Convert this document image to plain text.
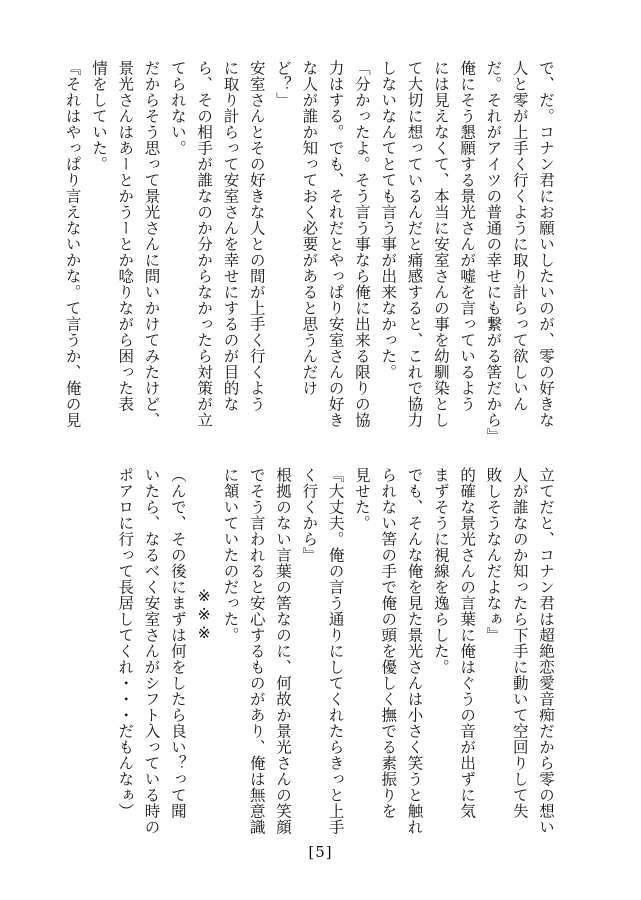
で、だ。コナン君にお願いしたいのが、零の好きな
人と零が上手く行くように取り計らって欲しいん
だ。それがアイツの普通の幸せにも繋がる筈だから』
俺にそう懇願する景光さんが嘘を言っているよう
には見えなくて、本当に安室さんの事を幼馴染とし
て大切に想っているんだと痛感すると、これで協力
しないなんてとても言う事が出来なかった。
「分かったよ。そう言う事なら俺に出来る限りの協
力はする。でも、それだとやっぱり安室さんの好き
な人が誰か知っておく必要があると思うんだけ
ど？」
安室さんとその好きな人との間が上手く行くよう
に取り計らって安室さんを幸せにするのが目的な
ら、その相手が誰なのか分からなかったら対策が立
てられない。
だからそう思って景光さんに問いかけてみたけど、
景光さんはあーとかうーとか唸りながら困った表
情をしていた。
『それはやっぱり言えないかな。て言うか、俺の見
立てだと、コナン君は超絶恋愛音痴だから零の想い
人が誰なのか知ったら下手に動いて空回りして失
敗しそうなんだよなぁ』
的確な景光さんの言葉に俺はぐうの音が出ずに気
まずそうに視線を逸らした。
でも、そんな俺を見た景光さんは小さく笑うと触れ
られない筈の手で俺の頭を優しく撫でる素振りを
見せた。
『大丈夫。俺の言う通りにしてくれたらきっと上手
く行くから』
根拠のない言葉の筈なのに、何故か景光さんの笑顔
でそう言われると安心するものがあり、俺は無意識
に頷いていたのだった。
※※※
（んで、その後にまずは何をしたら良い？って聞
いたら、なるべく安室さんがシフト入っている時の
ポアロに行って長居してくれ・・・だもんなぁ）
[5]
